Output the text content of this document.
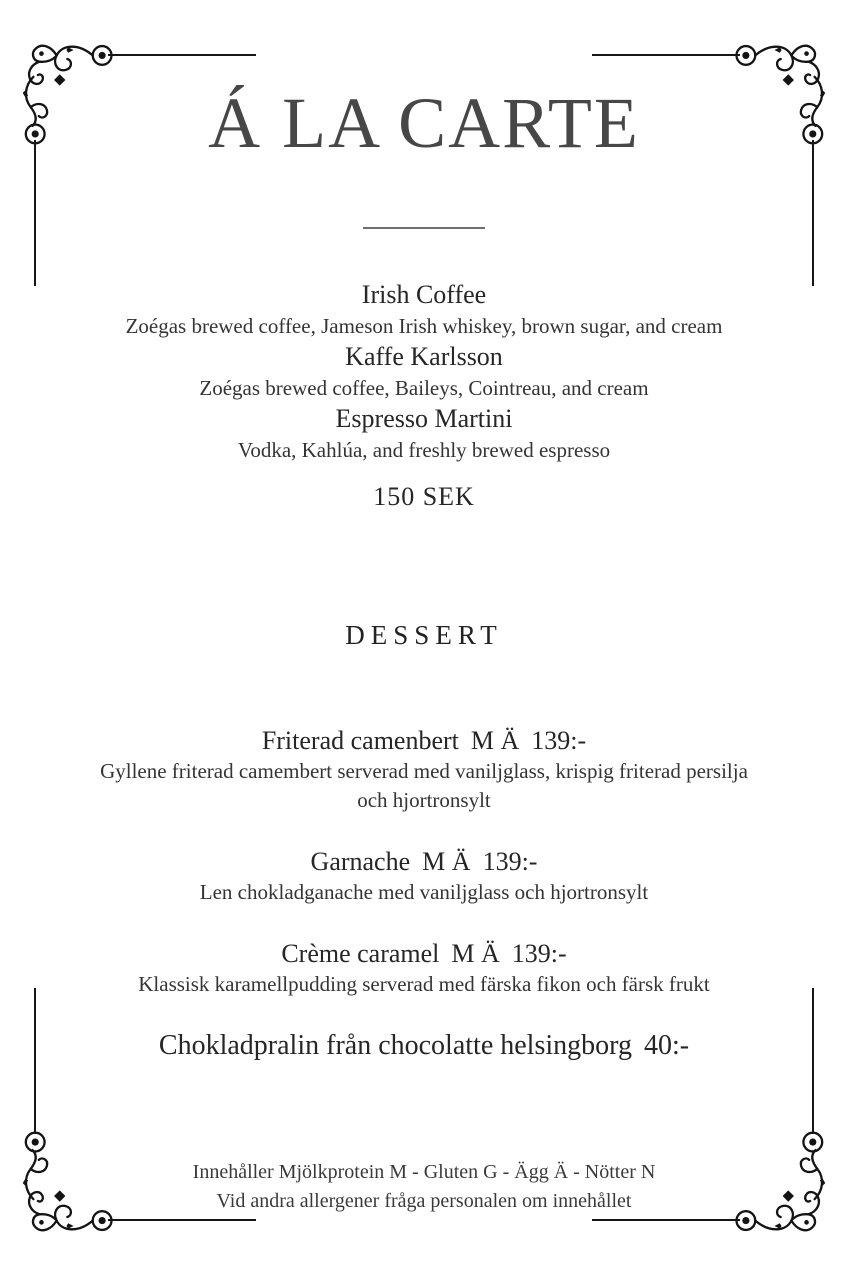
Á LA CARTE
Irish Coffee
Zoégas brewed coffee, Jameson Irish whiskey, brown sugar, and cream
Kaffe Karlsson
Zoégas brewed coffee, Baileys, Cointreau, and cream
Espresso Martini
Vodka, Kahlúa, and freshly brewed espresso
150 SEK
DESSERT
Friterad camenbert M Ä 139:-
Gyllene friterad camembert serverad med vaniljglass, krispig friterad persilja och hjortronsylt
Garnache M Ä 139:-
Len chokladganache med vaniljglass och hjortronsylt
Crème caramel M Ä 139:-
Klassisk karamellpudding serverad med färska fikon och färsk frukt
Chokladpralin från chocolatte helsingborg 40:-
Innehåller Mjölkprotein M - Gluten G - Ägg Ä - Nötter N
Vid andra allergener fråga personalen om innehållet
